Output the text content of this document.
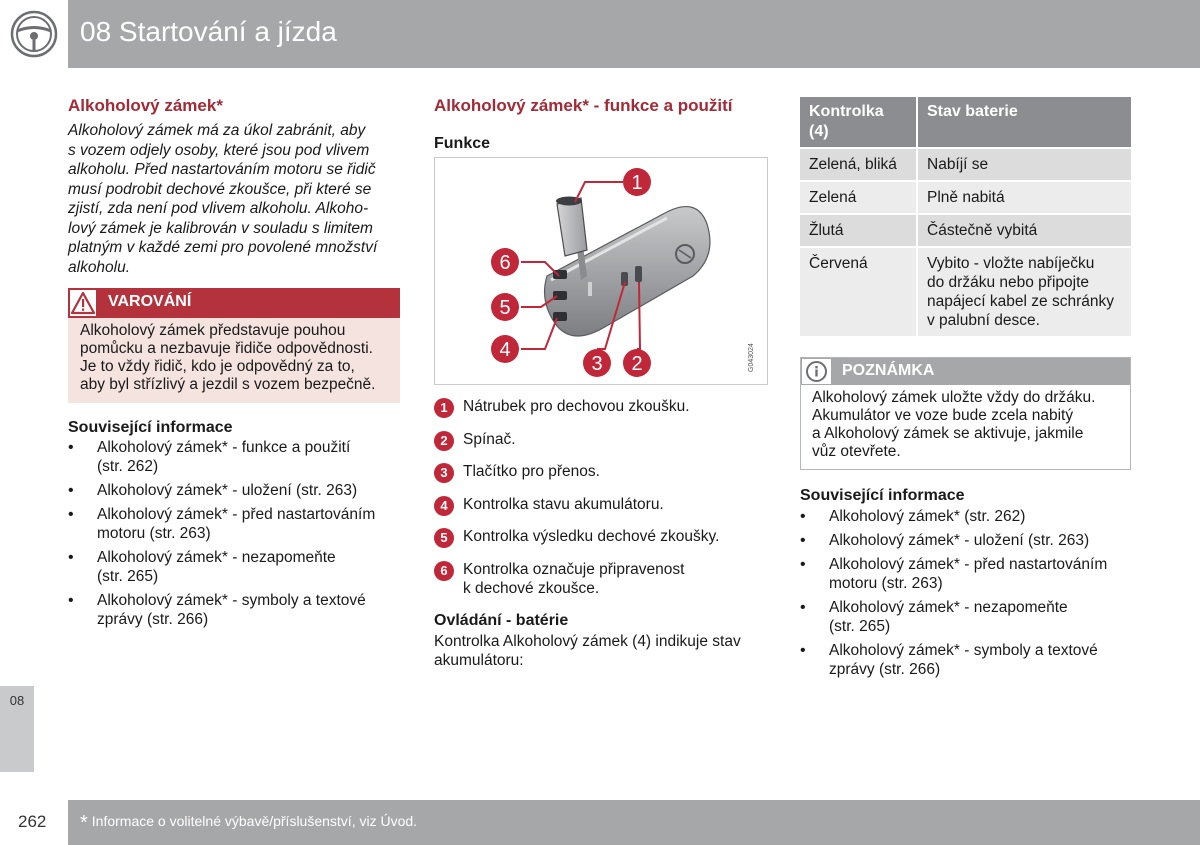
08 Startování a jízda
Alkoholový zámek*
Alkoholový zámek má za úkol zabránit, aby
s vozem odjely osoby, které jsou pod vlivem
alkoholu. Před nastartováním motoru se řidič
musí podrobit dechové zkoušce, při které se
zjistí, zda není pod vlivem alkoholu. Alkoho-
lový zámek je kalibrován v souladu s limitem
platným v každé zemi pro povolené množství
alkoholu.
VAROVÁNÍ
Alkoholový zámek představuje pouhou
pomůcku a nezbavuje řidiče odpovědnosti.
Je to vždy řidič, kdo je odpovědný za to,
aby byl střízlivý a jezdil s vozem bezpečně.
Související informace
• Alkoholový zámek* - funkce a použití
(str. 262)
• Alkoholový zámek* - uložení (str. 263)
• Alkoholový zámek* - před nastartováním
motoru (str. 263)
• Alkoholový zámek* - nezapomeňte
(str. 265)
• Alkoholový zámek* - symboly a textové
zprávy (str. 266)
Alkoholový zámek* - funkce a použití
Funkce
1
6
5
4
3 2	G043024
1 Nátrubek pro dechovou zkoušku.
2 Spínač.
3 Tlačítko pro přenos.
4 Kontrolka stavu akumulátoru.
5 Kontrolka výsledku dechové zkoušky.
6 Kontrolka označuje připravenost
k dechové zkoušce.
Ovládání - batérie
Kontrolka Alkoholový zámek (4) indikuje stav
akumulátoru:
Kontrolka
(4)	Stav baterie

Zelená, bliká	Nabíjí se

Zelená	Plně nabitá

Žlutá	Částečně vybitá

Červená	Vybito - vložte nabíječku
do držáku nebo připojte
napájecí kabel ze schránky
v palubní desce.
POZNÁMKA
Alkoholový zámek uložte vždy do držáku.
Akumulátor ve voze bude zcela nabitý
a Alkoholový zámek se aktivuje, jakmile
vůz otevřete.
Související informace
• Alkoholový zámek* (str. 262)
• Alkoholový zámek* - uložení (str. 263)
• Alkoholový zámek* - před nastartováním
motoru (str. 263)
• Alkoholový zámek* - nezapomeňte
(str. 265)
• Alkoholový zámek* - symboly a textové
zprávy (str. 266)
08
262 * Informace o volitelné výbavě/příslušenství, viz Úvod.
